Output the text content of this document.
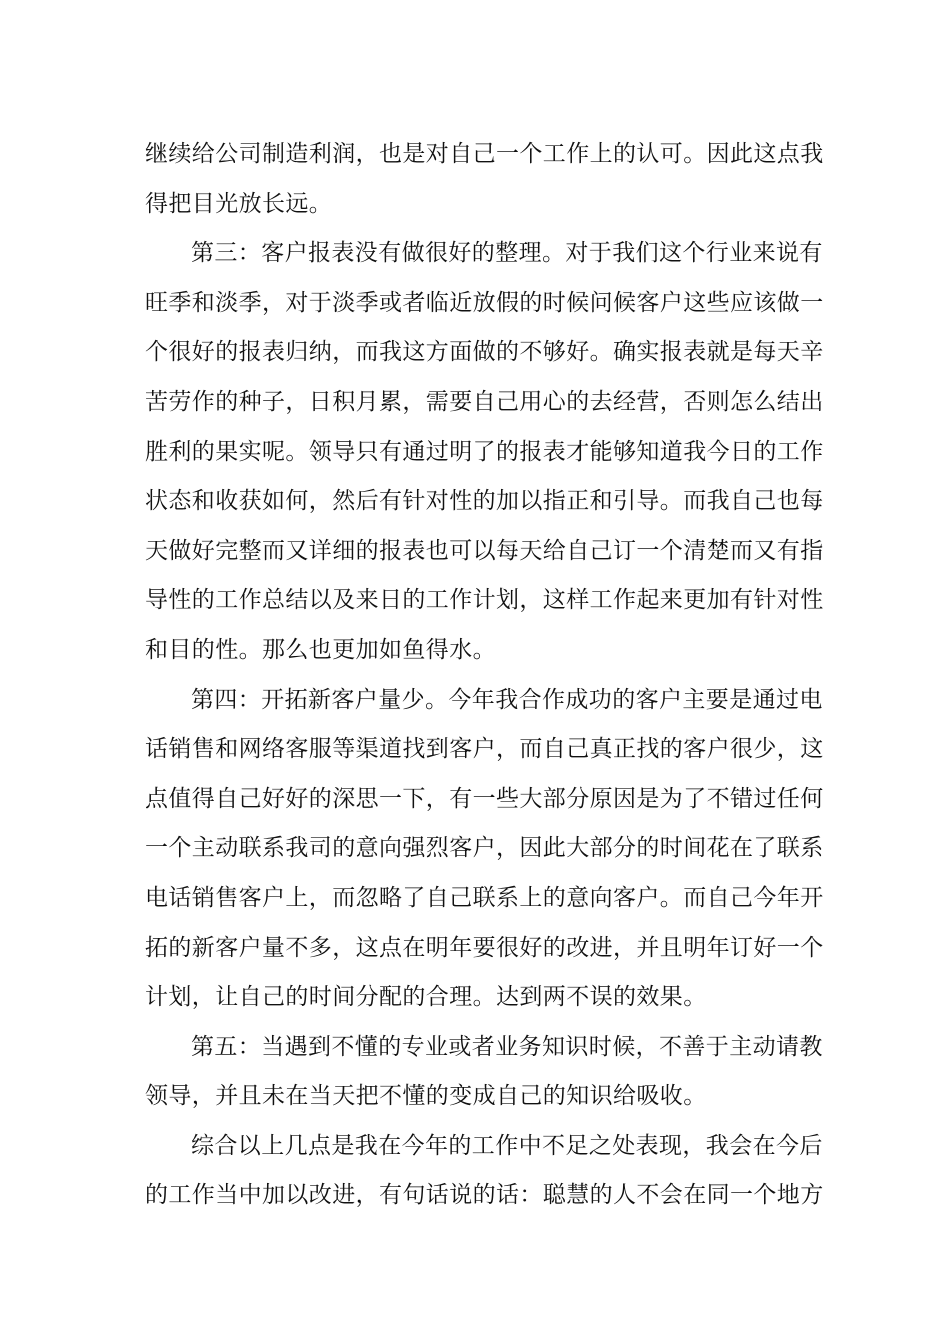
继续给公司制造利润，也是对自己一个工作上的认可。因此这点我
得把目光放长远。
第三：客户报表没有做很好的整理。对于我们这个行业来说有
旺季和淡季，对于淡季或者临近放假的时候问候客户这些应该做一
个很好的报表归纳，而我这方面做的不够好。确实报表就是每天辛
苦劳作的种子，日积月累，需要自己用心的去经营，否则怎么结出
胜利的果实呢。领导只有通过明了的报表才能够知道我今日的工作
状态和收获如何，然后有针对性的加以指正和引导。而我自己也每
天做好完整而又详细的报表也可以每天给自己订一个清楚而又有指
导性的工作总结以及来日的工作计划，这样工作起来更加有针对性
和目的性。那么也更加如鱼得水。
第四：开拓新客户量少。今年我合作成功的客户主要是通过电
话销售和网络客服等渠道找到客户，而自己真正找的客户很少，这
点值得自己好好的深思一下，有一些大部分原因是为了不错过任何
一个主动联系我司的意向强烈客户，因此大部分的时间花在了联系
电话销售客户上，而忽略了自己联系上的意向客户。而自己今年开
拓的新客户量不多，这点在明年要很好的改进，并且明年订好一个
计划，让自己的时间分配的合理。达到两不误的效果。
第五：当遇到不懂的专业或者业务知识时候，不善于主动请教
领导，并且未在当天把不懂的变成自己的知识给吸收。
综合以上几点是我在今年的工作中不足之处表现，我会在今后
的工作当中加以改进，有句话说的话：聪慧的人不会在同一个地方
